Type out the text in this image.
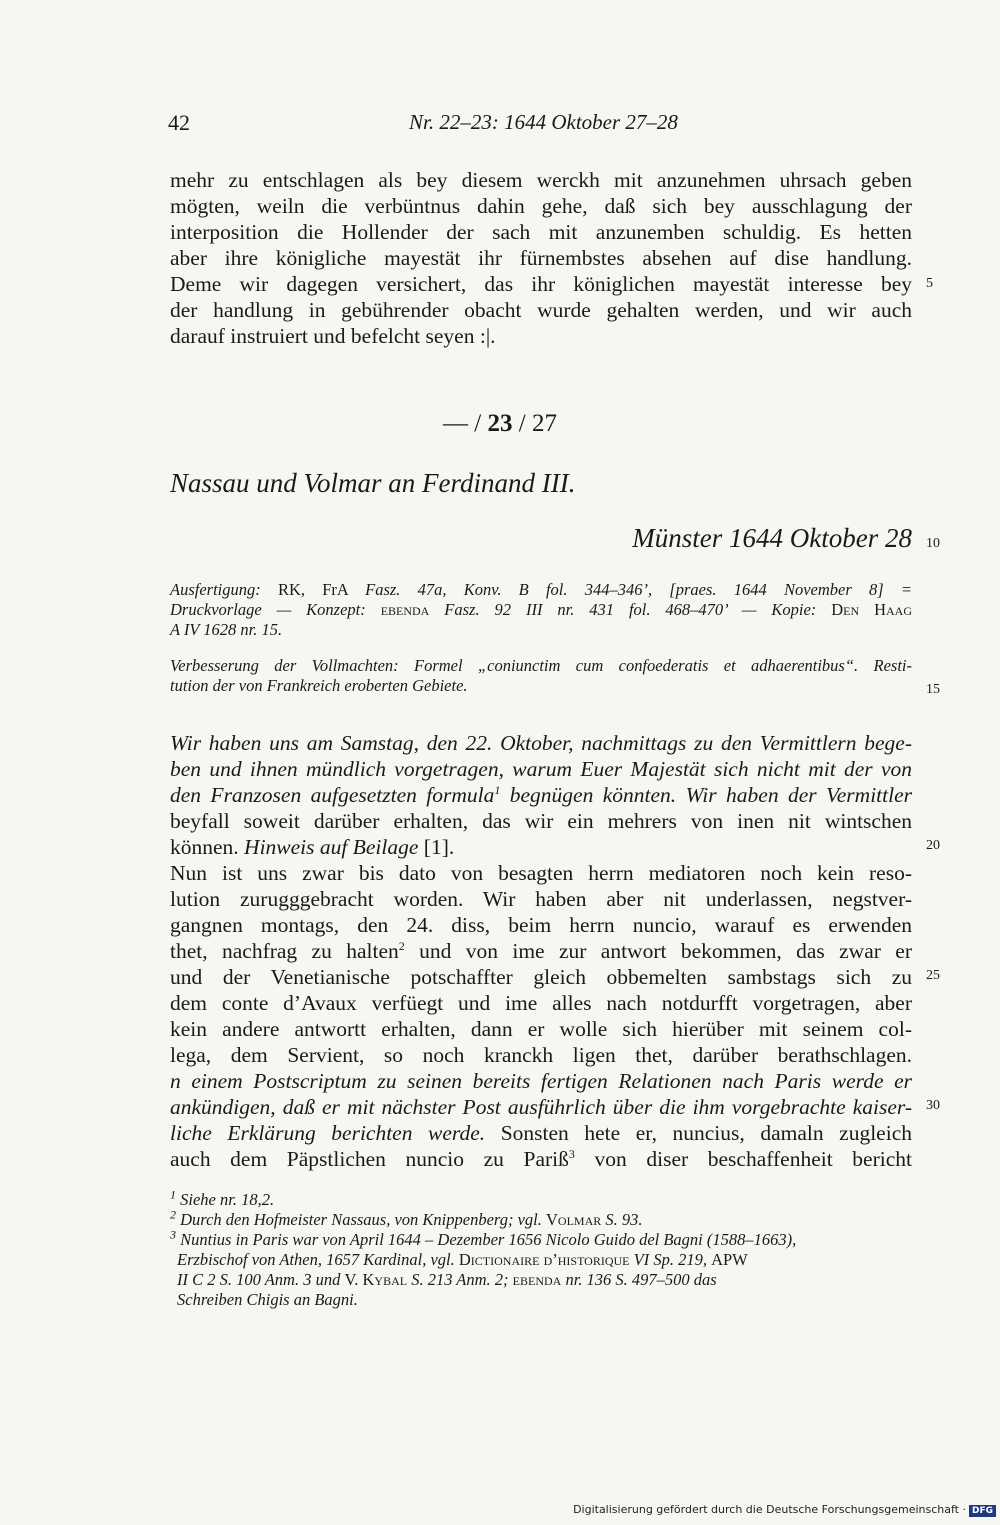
42	Nr. 22–23: 1644 Oktober 27–28
mehr zu entschlagen als bey diesem werckh mit anzunehmen uhrsach geben
mögten, weiln die verbüntnus dahin gehe, daß sich bey ausschlagung der
interposition die Hollender der sach mit anzunemben schuldig. Es hetten
aber ihre königliche mayestät ihr fürnembstes absehen auf dise handlung.
Deme wir dagegen versichert, das ihr königlichen mayestät interesse bey
der handlung in gebührender obacht wurde gehalten werden, und wir auch
darauf instruiert und befelcht seyen :|.
5
— / 23 / 27
Nassau und Volmar an Ferdinand III.
Münster 1644 Oktober 28 10
Ausfertigung: RK, FrA Fasz. 47a, Konv. B fol. 344–346’, [praes. 1644 November 8] =
Druckvorlage — Konzept: ebenda Fasz. 92 III nr. 431 fol. 468–470’ — Kopie: Den Haag
A IV 1628 nr. 15.
Verbesserung der Vollmachten: Formel „coniunctim cum confoederatis et adhaerentibus“. Resti-
tution der von Frankreich eroberten Gebiete.	15
Wir haben uns am Samstag, den 22. Oktober, nachmittags zu den Vermittlern bege-
ben und ihnen mündlich vorgetragen, warum Euer Majestät sich nicht mit der von
den Franzosen aufgesetzten formula$^1$ begnügen könnten. Wir haben der Vermittler
beyfall soweit darüber erhalten, das wir ein mehrers von inen nit wintschen
können. Hinweis auf Beilage [1].
Nun ist uns zwar bis dato von besagten herrn mediatoren noch kein reso-
lution zurugggebracht worden. Wir haben aber nit underlassen, negstver-
gangnen montags, den 24. diss, beim herrn nuncio, warauf es erwenden
thet, nachfrag zu halten$^2$ und von ime zur antwort bekommen, das zwar er
und der Venetianische potschaffter gleich obbemelten sambstags sich zu
dem conte d’Avaux verfüegt und ime alles nach notdurfft vorgetragen, aber
kein andere antwortt erhalten, dann er wolle sich hierüber mit seinem col-
lega, dem Servient, so noch kranckh ligen thet, darüber berathschlagen.
n einem Postscriptum zu seinen bereits fertigen Relationen nach Paris werde er
ankündigen, daß er mit nächster Post ausführlich über die ihm vorgebrachte kaiser-
liche Erklärung berichten werde. Sonsten hete er, nuncius, damaln zugleich
auch dem Päpstlichen nuncio zu Pariß$^3$ von diser beschaffenheit bericht
20
25
30
$^1$ Siehe nr. 18,2.
$^2$ Durch den Hofmeister Nassaus, von Knippenberg; vgl. Volmar S. 93.
$^3$ Nuntius in Paris war von April 1644 – Dezember 1656 Nicolo Guido del Bagni (1588–1663),
Erzbischof von Athen, 1657 Kardinal, vgl. Dictionaire d’historique VI Sp. 219, APW
II C 2 S. 100 Anm. 3 und V. Kybal S. 213 Anm. 2; ebenda nr. 136 S. 497–500 das
Schreiben Chigis an Bagni.
Digitalisierung gefördert durch die Deutsche Forschungsgemeinschaft · DFG
